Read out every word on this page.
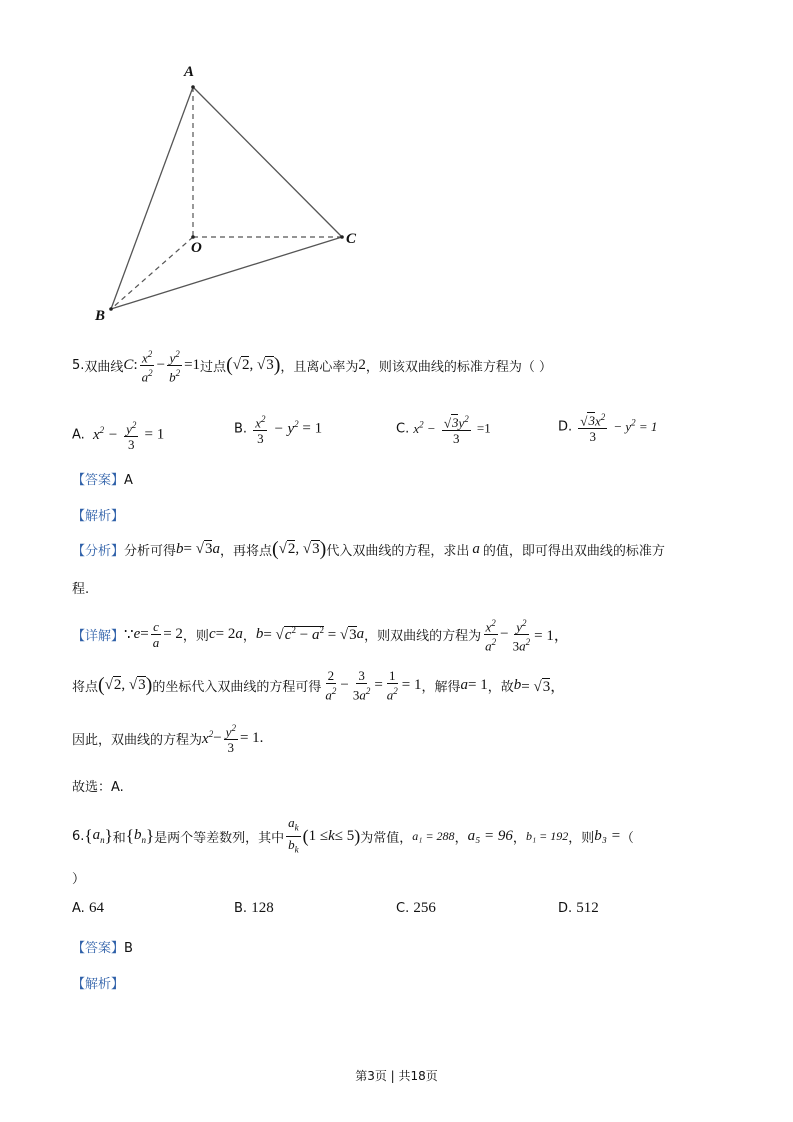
A
B
C
O
5. 双曲线 C : $\frac{x^2}{a^2} - \frac{y^2}{b^2} =1$ 过点 ( √2, √3 ) ，且离心率为 2 ，则该双曲线的标准方程为（ ）
A. $x^2 - \frac{y^2}{3} = 1$	B. $\frac{x^2}{3} - y^2 = 1$	C. $x^2 - \frac{√3y^2}{3} =1$	D. $\frac{√3x^2}{3} - y^2 = 1$
【答案】A
【解析】
【分析】 分析可得 b = √3 a ，再将点 ( √2, √3 ) 代入双曲线的方程，求出 a 的值，即可得出双曲线的标准方
程.
【详解】 ∵ $e = \frac{c}{a} = 2$ ，则 c = 2 a ， $b = √c^2 - a^2 = √3$ a ，则双曲线的方程为 $\frac{x^2}{a^2} - \frac{y^2}{3a^2} = 1$，
将点 ( √2, √3 ) 的坐标代入双曲线的方程可得 $\frac{2}{a^2} - \frac{3}{3a^2} = \frac{1}{a^2} = 1$ ，解得 a = 1 ，故 b = √3，
因此，双曲线的方程为 $x^2 - \frac{y^2}{3} = 1$.
故选：A.
6. { $a_n$ } 和 { $b_n$ } 是两个等差数列，其中 $\frac{a_k}{b_k}$ ( 1 ≤ k ≤ 5 ) 为常值， a₁ = 288 ， a₅ = 96 ， b₁ = 192 ，则 b₃ = （
）
A. 64	B. 128	C. 256	D. 512
【答案】B
【解析】
第3页 | 共18页
